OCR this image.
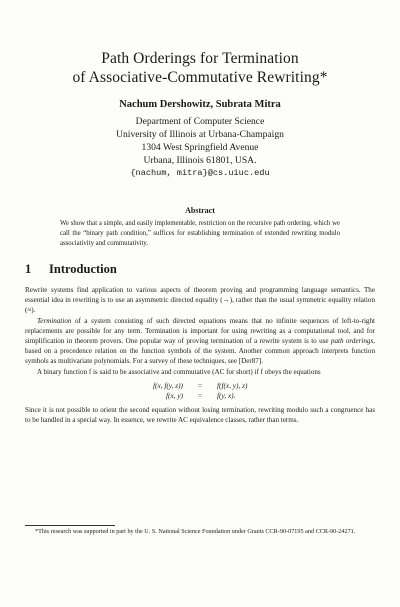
Path Orderings for Termination
of Associative-Commutative Rewriting*
Nachum Dershowitz, Subrata Mitra
Department of Computer Science
University of Illinois at Urbana-Champaign
1304 West Springfield Avenue
Urbana, Illinois 61801, USA.
{nachum, mitra}@cs.uiuc.edu
Abstract
We show that a simple, and easily implementable, restriction on the recursive path ordering, which we call the “binary path condition,” suffices for establishing termination of extended rewriting modulo associativity and commutativity.
1 Introduction

Rewrite systems find application to various aspects of theorem proving and programming language semantics. The essential idea in rewriting is to use an asymmetric directed equality (→), rather than the usual symmetric equality relation (≈).

Termination of a system consisting of such directed equations means that no infinite sequences of left-to-right replacements are possible for any term. Termination is important for using rewriting as a computational tool, and for simplification in theorem provers. One popular way of proving termination of a rewrite system is to use path orderings, based on a precedence relation on the function symbols of the system. Another common approach interprets function symbols as multivariate polynomials. For a survey of these techniques, see [Der87].

A binary function f is said to be associative and commutative (AC for short) if f obeys the equations

f(x, f(y, z))	=	f(f(x, y), z)
f(x, y)	=	f(y, x).

Since it is not possible to orient the second equation without losing termination, rewriting modulo such a congruence has to be handled in a special way. In essence, we rewrite AC equivalence classes, rather than terms.

*This research was supported in part by the U. S. National Science Foundation under Grants CCR-90-07195 and CCR-90-24271.
